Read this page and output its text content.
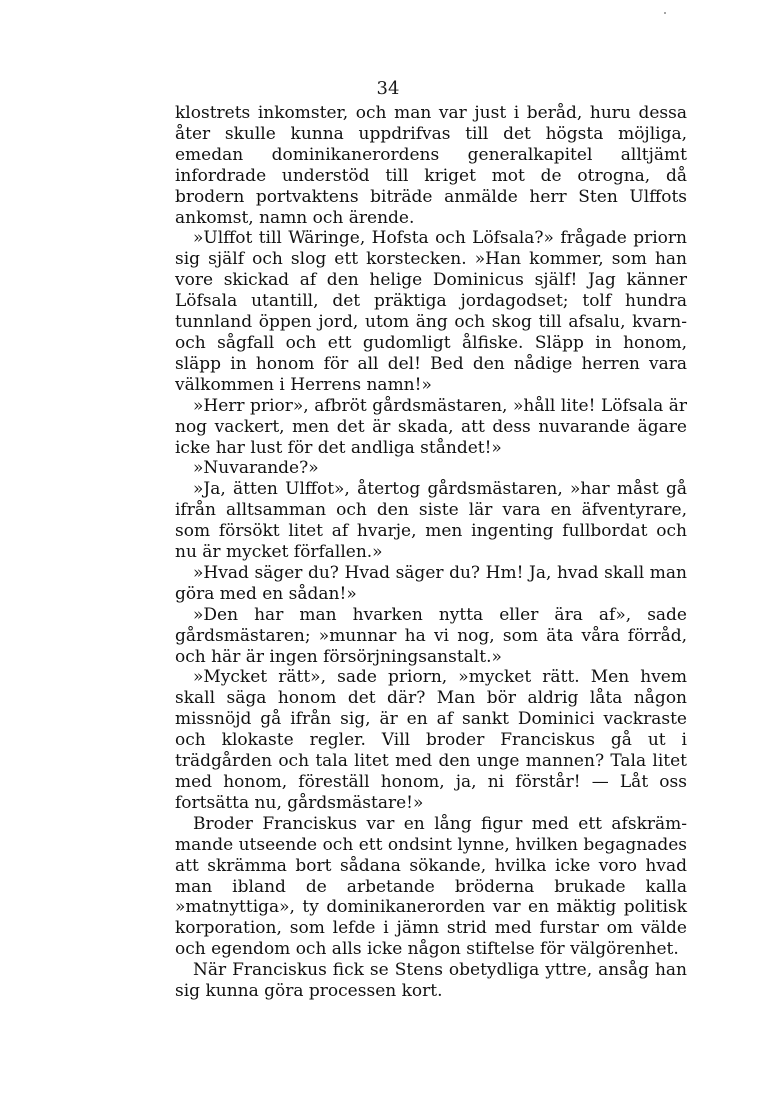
34

klostrets inkomster, och man var just i beråd, huru dessa åter skulle kunna uppdrifvas till det högsta möjliga, emedan dominikanerordens generalkapitel alltjämt infordrade understöd till kriget mot de otrogna, då brodern portvaktens biträde anmälde herr Sten Ulffots ankomst, namn och ärende.

»Ulffot till Wäringe, Hofsta och Löfsala?» frågade priorn sig själf och slog ett korstecken. »Han kommer, som han vore skickad af den helige Dominicus själf! Jag känner Löfsala utantill, det präktiga jordagodset; tolf hundra tunnland öppen jord, utom äng och skog till afsalu, kvarn- och sågfall och ett gudomligt ålfiske. Släpp in honom, släpp in honom för all del! Bed den nådige herren vara välkommen i Herrens namn!»

»Herr prior», afbröt gårdsmästaren, »håll lite! Löfsala är nog vackert, men det är skada, att dess nuvarande ägare icke har lust för det andliga ståndet!»

»Nuvarande?»

»Ja, ätten Ulffot», återtog gårdsmästaren, »har måst gå ifrån alltsamman och den siste lär vara en äfventyrare, som försökt litet af hvarje, men ingenting fullbordat och nu är mycket förfallen.»

»Hvad säger du? Hvad säger du? Hm! Ja, hvad skall man göra med en sådan!»

»Den har man hvarken nytta eller ära af», sade gårdsmästaren; »munnar ha vi nog, som äta våra förråd, och här är ingen försörjningsanstalt.»

»Mycket rätt», sade priorn, »mycket rätt. Men hvem skall säga honom det där? Man bör aldrig låta någon missnöjd gå ifrån sig, är en af sankt Dominici vackraste och klokaste regler. Vill broder Franciskus gå ut i trädgården och tala litet med den unge mannen? Tala litet med honom, föreställ honom, ja, ni förstår! — Låt oss fortsätta nu, gårdsmästare!»

Broder Franciskus var en lång figur med ett afskräm-mande utseende och ett ondsint lynne, hvilken begagnades att skrämma bort sådana sökande, hvilka icke voro hvad man ibland de arbetande bröderna brukade kalla »matnyttiga», ty dominikanerorden var en mäktig politisk korporation, som lefde i jämn strid med furstar om välde och egendom och alls icke någon stiftelse för välgörenhet.

När Franciskus fick se Stens obetydliga yttre, ansåg han sig kunna göra processen kort.
